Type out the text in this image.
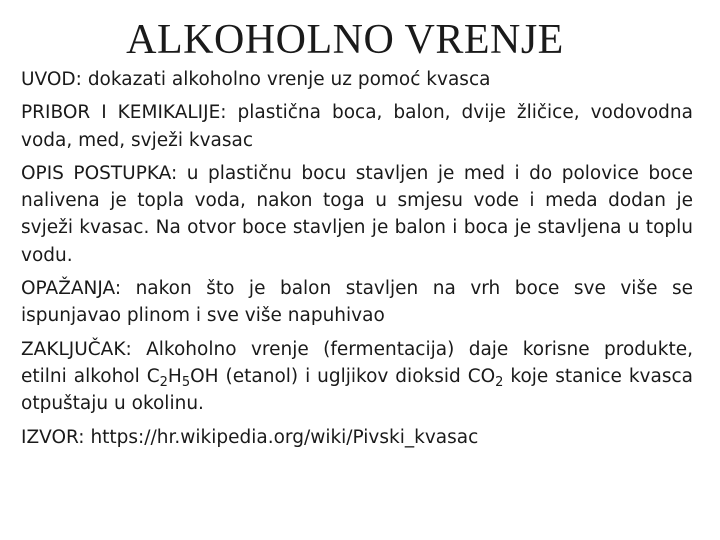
ALKOHOLNO VRENJE

UVOD: dokazati alkoholno vrenje uz pomoć kvasca

PRIBOR I KEMIKALIJE: plastična boca, balon, dvije žličice, vodovodna voda, med, svježi kvasac

OPIS POSTUPKA: u plastičnu bocu stavljen je med i do polovice boce nalivena je topla voda, nakon toga u smjesu vode i meda dodan je svježi kvasac. Na otvor boce stavljen je balon i boca je stavljena u toplu vodu.

OPAŽANJA: nakon što je balon stavljen na vrh boce sve više se ispunjavao plinom i sve više napuhivao

ZAKLJUČAK: Alkoholno vrenje (fermentacija) daje korisne produkte, etilni alkohol $C_2H_5OH$ (etanol) i ugljikov dioksid $CO_2$ koje stanice kvasca otpuštaju u okolinu.

IZVOR: https://hr.wikipedia.org/wiki/Pivski_kvasac
